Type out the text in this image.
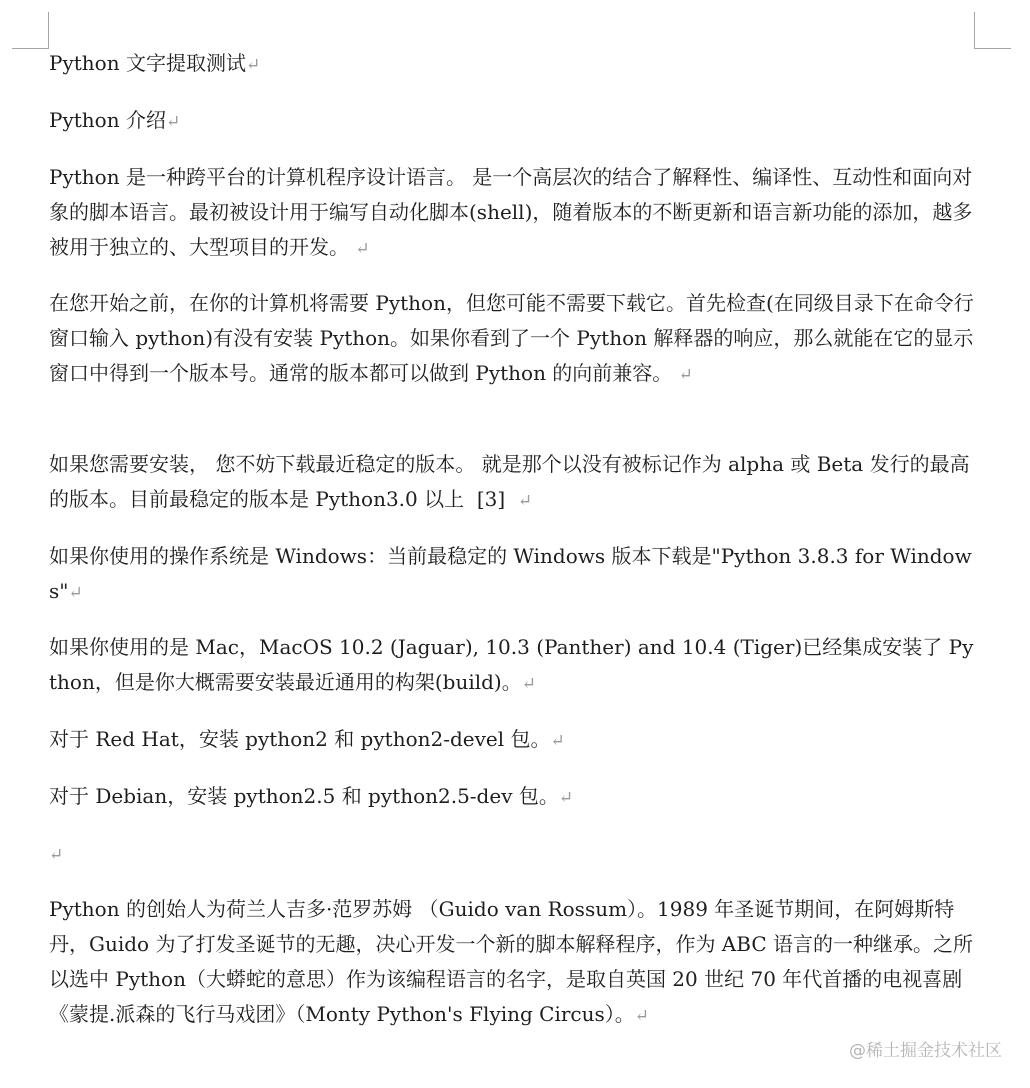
Python 文字提取测试↵

Python 介绍↵

Python 是一种跨平台的计算机程序设计语言。 是一个高层次的结合了解释性、编译性、互动性和面向对象的脚本语言。最初被设计用于编写自动化脚本(shell)，随着版本的不断更新和语言新功能的添加，越多被用于独立的、大型项目的开发。 ↵

在您开始之前，在你的计算机将需要 Python，但您可能不需要下载它。首先检查(在同级目录下在命令行窗口输入 python)有没有安装 Python。如果你看到了一个 Python 解释器的响应，那么就能在它的显示窗口中得到一个版本号。通常的版本都可以做到 Python 的向前兼容。 ↵

如果您需要安装， 您不妨下载最近稳定的版本。 就是那个以没有被标记作为 alpha 或 Beta 发行的最高的版本。目前最稳定的版本是 Python3.0 以上  [3]  ↵

如果你使用的操作系统是 Windows：当前最稳定的 Windows 版本下载是"Python 3.8.3 for Windows"↵

如果你使用的是 Mac，MacOS 10.2 (Jaguar), 10.3 (Panther) and 10.4 (Tiger)已经集成安装了 Python，但是你大概需要安装最近通用的构架(build)。↵

对于 Red Hat，安装 python2 和 python2-devel 包。↵

对于 Debian，安装 python2.5 和 python2.5-dev 包。↵

↵

Python 的创始人为荷兰人吉多·范罗苏姆 （Guido van Rossum）。1989 年圣诞节期间，在阿姆斯特丹，Guido 为了打发圣诞节的无趣，决心开发一个新的脚本解释程序，作为 ABC 语言的一种继承。之所以选中 Python（大蟒蛇的意思）作为该编程语言的名字，是取自英国 20 世纪 70 年代首播的电视喜剧《蒙提.派森的飞行马戏团》（Monty Python's Flying Circus）。↵

@稀土掘金技术社区
